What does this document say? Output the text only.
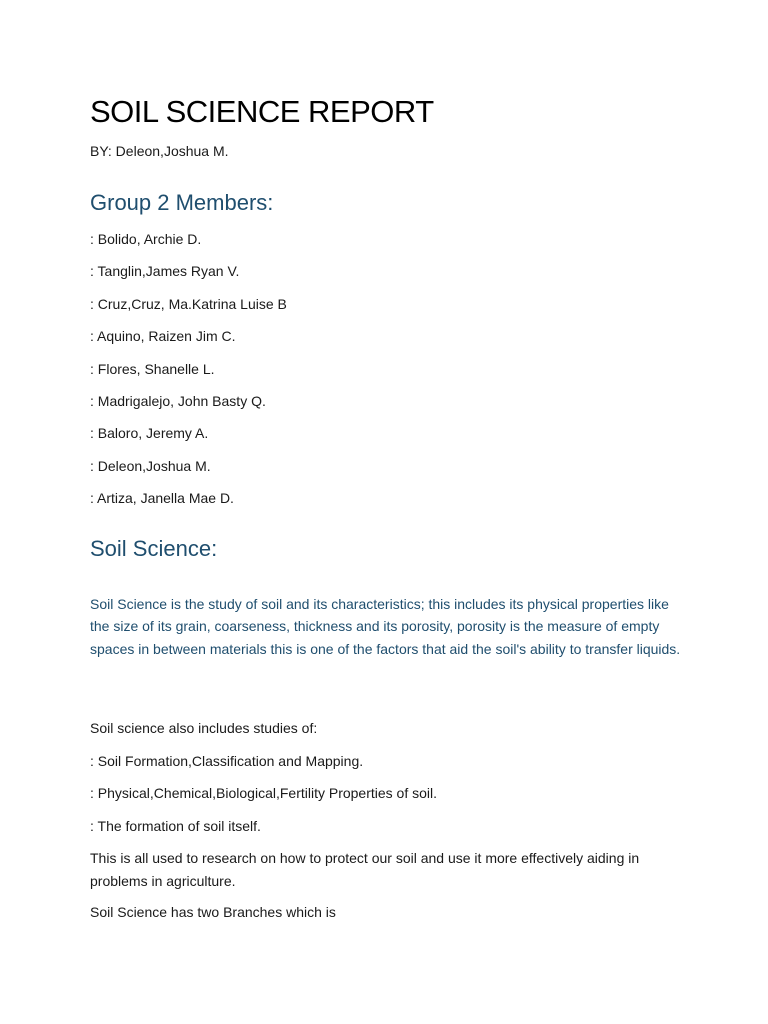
SOIL SCIENCE REPORT
BY: Deleon,Joshua M.
Group 2 Members:
: Bolido, Archie D.
: Tanglin,James Ryan V.
: Cruz,Cruz, Ma.Katrina Luise B
: Aquino, Raizen Jim C.
: Flores, Shanelle L.
: Madrigalejo, John Basty Q.
: Baloro, Jeremy A.
: Deleon,Joshua M.
: Artiza, Janella Mae D.
Soil Science:

Soil Science is the study of soil and its characteristics; this includes its physical properties like the size of its grain, coarseness, thickness and its porosity, porosity is the measure of empty spaces in between materials this is one of the factors that aid the soil's ability to transfer liquids.

Soil science also includes studies of:
: Soil Formation,Classification and Mapping.
: Physical,Chemical,Biological,Fertility Properties of soil.
: The formation of soil itself.

This is all used to research on how to protect our soil and use it more effectively aiding in problems in agriculture.

Soil Science has two Branches which is
